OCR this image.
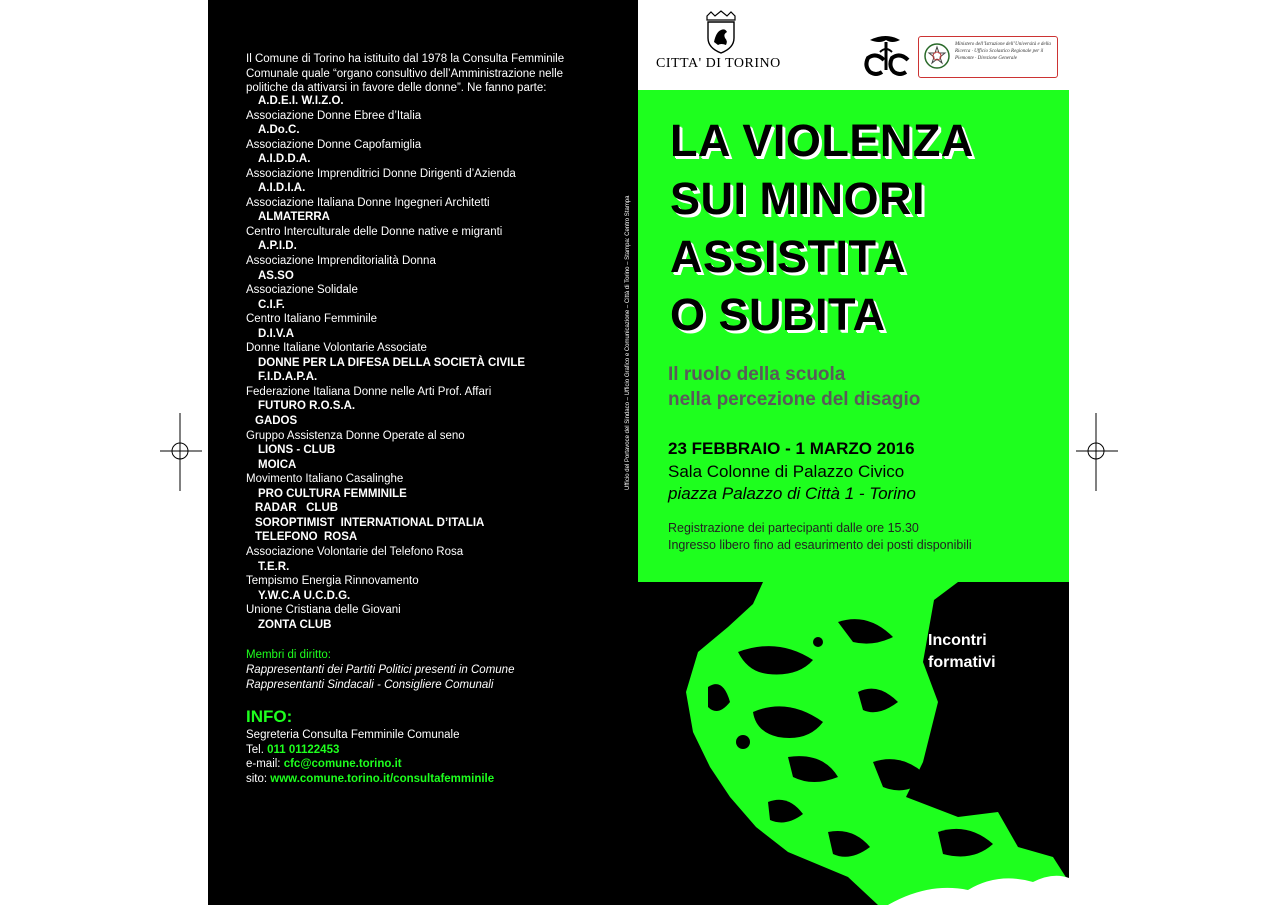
Il Comune di Torino ha istituito dal 1978 la Consulta Femminile Comunale quale “organo consultivo dell’Amministrazione nelle politiche da attivarsi in favore delle donne”. Ne fanno parte:
A.D.E.I. W.I.Z.O.
Associazione Donne Ebree d’Italia
A.Do.C.
Associazione Donne Capofamiglia
A.I.D.D.A.
Associazione Imprenditrici Donne Dirigenti d’Azienda
A.I.D.I.A.
Associazione Italiana Donne Ingegneri Architetti
ALMATERRA
Centro Interculturale delle Donne native e migranti
A.P.I.D.
Associazione Imprenditorialità Donna
AS.SO
Associazione Solidale
C.I.F.
Centro Italiano Femminile
D.I.V.A
Donne Italiane Volontarie Associate
DONNE PER LA DIFESA DELLA SOCIETÀ CIVILE
F.I.D.A.P.A.
Federazione Italiana Donne nelle Arti Prof. Affari
FUTURO R.O.S.A.
GADOS
Gruppo Assistenza Donne Operate al seno
LIONS - CLUB
MOICA
Movimento Italiano Casalinghe
PRO CULTURA FEMMINILE
RADAR   CLUB
SOROPTIMIST  INTERNATIONAL D’ITALIA
TELEFONO  ROSA
Associazione Volontarie del Telefono Rosa
T.E.R.
Tempismo Energia Rinnovamento
Y.W.C.A U.C.D.G.
Unione Cristiana delle Giovani
ZONTA CLUB
Membri di diritto:
Rappresentanti dei Partiti Politici presenti in Comune
Rappresentanti Sindacali - Consigliere Comunali
INFO:
Segreteria Consulta Femminile Comunale
Tel. 011 01122453
e-mail: cfc@comune.torino.it
sito: www.comune.torino.it/consultafemminile
CITTA' DI TORINO
Ministero dell’Istruzione dell’Università e della Ricerca · Ufficio Scolastico Regionale per il Piemonte · Direzione Generale
LA VIOLENZA
SUI MINORI
ASSISTITA
O SUBITA
Il ruolo della scuola
nella percezione del disagio
23 FEBBRAIO - 1 MARZO 2016
Sala Colonne di Palazzo Civico
piazza Palazzo di Città 1 - Torino
Registrazione dei partecipanti dalle ore 15.30
Ingresso libero fino ad esaurimento dei posti disponibili
Incontri
formativi
Ufficio del Portavoce del Sindaco – Ufficio Grafico e Comunicazione – Città di Torino – Stampa: Centro Stampa
